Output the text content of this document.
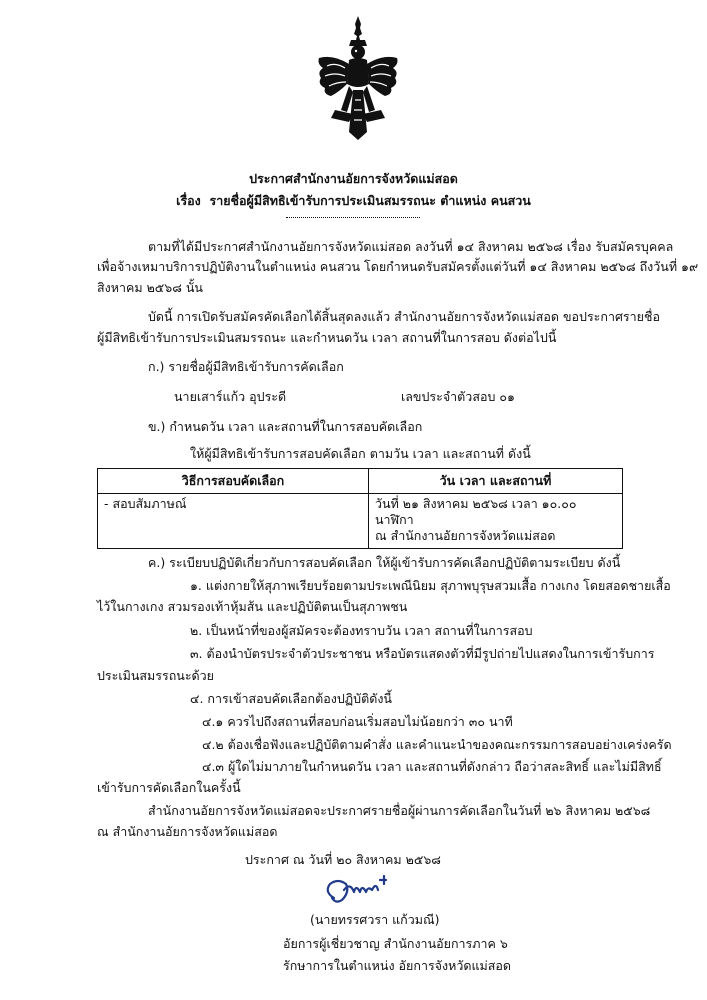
ประกาศสำนักงานอัยการจังหวัดแม่สอด
เรื่อง รายชื่อผู้มีสิทธิเข้ารับการประเมินสมรรถนะ ตำแหน่ง คนสวน
ตามที่ได้มีประกาศสำนักงานอัยการจังหวัดแม่สอด ลงวันที่ ๑๔ สิงหาคม ๒๕๖๘ เรื่อง รับสมัครบุคคล
เพื่อจ้างเหมาบริการปฏิบัติงานในตำแหน่ง คนสวน โดยกำหนดรับสมัครตั้งแต่วันที่ ๑๔ สิงหาคม ๒๕๖๘ ถึงวันที่ ๑๙
สิงหาคม ๒๕๖๘ นั้น
บัดนี้ การเปิดรับสมัครคัดเลือกได้สิ้นสุดลงแล้ว สำนักงานอัยการจังหวัดแม่สอด ขอประกาศรายชื่อ
ผู้มีสิทธิเข้ารับการประเมินสมรรถนะ และกำหนดวัน เวลา สถานที่ในการสอบ ดังต่อไปนี้
ก.) รายชื่อผู้มีสิทธิเข้ารับการคัดเลือก
นายเสาร์แก้ว อุประดี	เลขประจำตัวสอบ ๐๑
ข.) กำหนดวัน เวลา และสถานที่ในการสอบคัดเลือก
ให้ผู้มีสิทธิเข้ารับการสอบคัดเลือก ตามวัน เวลา และสถานที่ ดังนี้
วิธีการสอบคัดเลือก	วัน เวลา และสถานที่
- สอบสัมภาษณ์	วันที่ ๒๑ สิงหาคม ๒๕๖๘ เวลา ๑๐.๐๐ นาฬิกา
ณ สำนักงานอัยการจังหวัดแม่สอด
ค.) ระเบียบปฏิบัติเกี่ยวกับการสอบคัดเลือก ให้ผู้เข้ารับการคัดเลือกปฏิบัติตามระเบียบ ดังนี้
๑. แต่งกายให้สุภาพเรียบร้อยตามประเพณีนิยม สุภาพบุรุษสวมเสื้อ กางเกง โดยสอดชายเสื้อ
ไว้ในกางเกง สวมรองเท้าหุ้มส้น และปฏิบัติตนเป็นสุภาพชน
๒. เป็นหน้าที่ของผู้สมัครจะต้องทราบวัน เวลา สถานที่ในการสอบ
๓. ต้องนำบัตรประจำตัวประชาชน หรือบัตรแสดงตัวที่มีรูปถ่ายไปแสดงในการเข้ารับการ
ประเมินสมรรถนะด้วย
๔. การเข้าสอบคัดเลือกต้องปฏิบัติดังนี้
๔.๑ ควรไปถึงสถานที่สอบก่อนเริ่มสอบไม่น้อยกว่า ๓๐ นาที
๔.๒ ต้องเชื่อฟังและปฏิบัติตามคำสั่ง และคำแนะนำของคณะกรรมการสอบอย่างเคร่งครัด
๔.๓ ผู้ใดไม่มาภายในกำหนดวัน เวลา และสถานที่ดังกล่าว ถือว่าสละสิทธิ์ และไม่มีสิทธิ์
เข้ารับการคัดเลือกในครั้งนี้
สำนักงานอัยการจังหวัดแม่สอดจะประกาศรายชื่อผู้ผ่านการคัดเลือกในวันที่ ๒๖ สิงหาคม ๒๕๖๘
ณ สำนักงานอัยการจังหวัดแม่สอด
ประกาศ ณ วันที่ ๒๐ สิงหาคม ๒๕๖๘
(นายทรรศวรา แก้วมณี)
อัยการผู้เชี่ยวชาญ สำนักงานอัยการภาค ๖
รักษาการในตำแหน่ง อัยการจังหวัดแม่สอด
